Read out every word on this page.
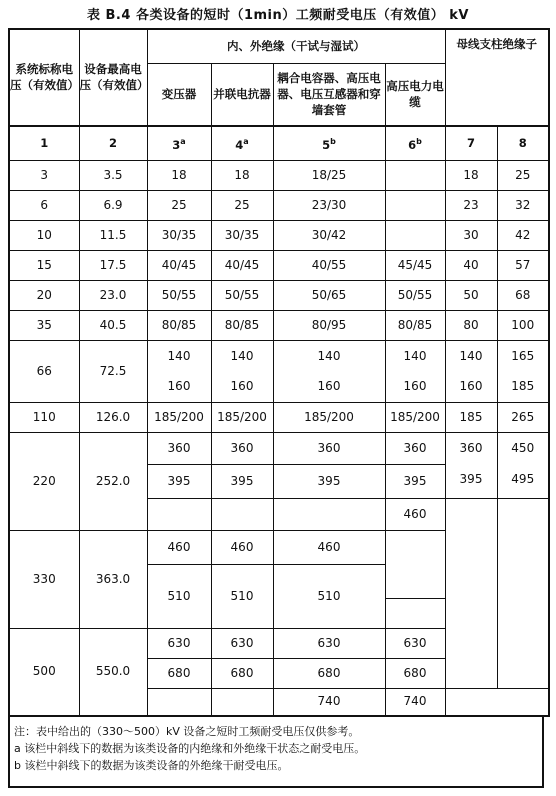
表 B.4 各类设备的短时（1min）工频耐受电压（有效值） kV
系统标称电压（有效值）	设备最高电压（有效值）	内、外绝缘（干试与湿试）				母线支柱绝缘子	
		变压器	并联电抗器	耦合电容器、高压电器、电压互感器和穿墙套管	高压电力电缆		

1	2	3$^a$	4$^a$	5$^b$	6$^b$	7	8
3	3.5	18	18	18/25		18	25
6	6.9	25	25	23/30		23	32
10	11.5	30/35	30/35	30/42		30	42
15	17.5	40/45	40/45	40/55	45/45	40	57
20	23.0	50/55	50/55	50/65	50/55	50	68
35	40.5	80/85	80/85	80/95	80/85	80	100
66	72.5	140	140	140	140	140	165
		160	160	160	160	160	185
110	126.0	185/200	185/200	185/200	185/200	185	265
220	252.0	360	360	360	360	360	450
		395	395	395	395	395	495
					460		
330	363.0	460	460	460			
		510	510	510			

500	550.0	630	630	630	630		
		680	680	680	680		
				740	740		
注：表中给出的（330～500）kV 设备之短时工频耐受电压仅供参考。
a 该栏中斜线下的数据为该类设备的内绝缘和外绝缘干状态之耐受电压。
b 该栏中斜线下的数据为该类设备的外绝缘干耐受电压。
